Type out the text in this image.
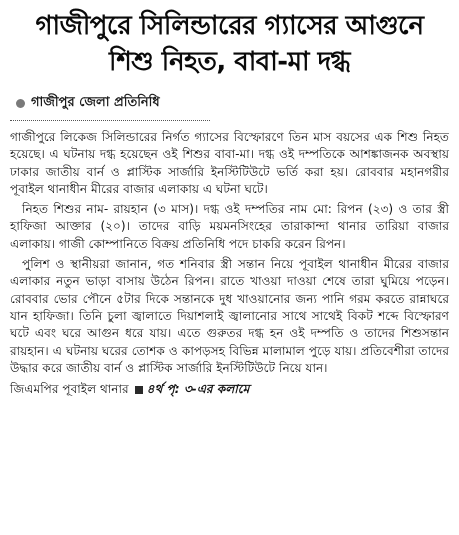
গাজীপুরে সিলিন্ডারের গ্যাসের আগুনে
শিশু নিহত, বাবা-মা দগ্ধ
গাজীপুর জেলা প্রতিনিধি

গাজীপুরে লিকেজ সিলিন্ডারের নির্গত গ্যাসের বিস্ফোরণে তিন মাস বয়সের এক শিশু নিহত হয়েছে। এ ঘটনায় দগ্ধ হয়েছেন ওই শিশুর বাবা-মা। দগ্ধ ওই দম্পতিকে আশঙ্কাজনক অবস্থায় ঢাকার জাতীয় বার্ন ও প্লাস্টিক সার্জারি ইনস্টিটিউটে ভর্তি করা হয়। রোববার মহানগরীর পূবাইল থানাধীন মীরের বাজার এলাকায় এ ঘটনা ঘটে।

নিহত শিশুর নাম- রায়হান (৩ মাস)। দগ্ধ ওই দম্পতির নাম মো: রিপন (২৩) ও তার স্ত্রী হাফিজা আক্তার (২০)। তাদের বাড়ি ময়মনসিংহের তারাকান্দা থানার তারিয়া বাজার এলাকায়। গাজী কোম্পানিতে বিক্রয় প্রতিনিধি পদে চাকরি করেন রিপন।

পুলিশ ও স্থানীয়রা জানান, গত শনিবার স্ত্রী সন্তান নিয়ে পূবাইল থানাধীন মীরের বাজার এলাকার নতুন ভাড়া বাসায় উঠেন রিপন। রাতে খাওয়া দাওয়া শেষে তারা ঘুমিয়ে পড়েন। রোববার ভোর পৌনে ৫টার দিকে সন্তানকে দুধ খাওয়ানোর জন্য পানি গরম করতে রান্নাঘরে যান হাফিজা। তিনি চুলা জ্বালাতে দিয়াশলাই জ্বালানোর সাথে সাথেই বিকট শব্দে বিস্ফোরণ ঘটে এবং ঘরে আগুন ধরে যায়। এতে গুরুতর দগ্ধ হন ওই দম্পতি ও তাদের শিশুসন্তান রায়হান। এ ঘটনায় ঘরের তোশক ও কাপড়সহ বিভিন্ন মালামাল পুড়ে যায়। প্রতিবেশীরা তাদের উদ্ধার করে জাতীয় বার্ন ও প্লাস্টিক সার্জারি ইনস্টিটিউটে নিয়ে যান।

জিএমপির পূবাইল থানার ৪র্থ পৃ: ৩-এর কলামে
